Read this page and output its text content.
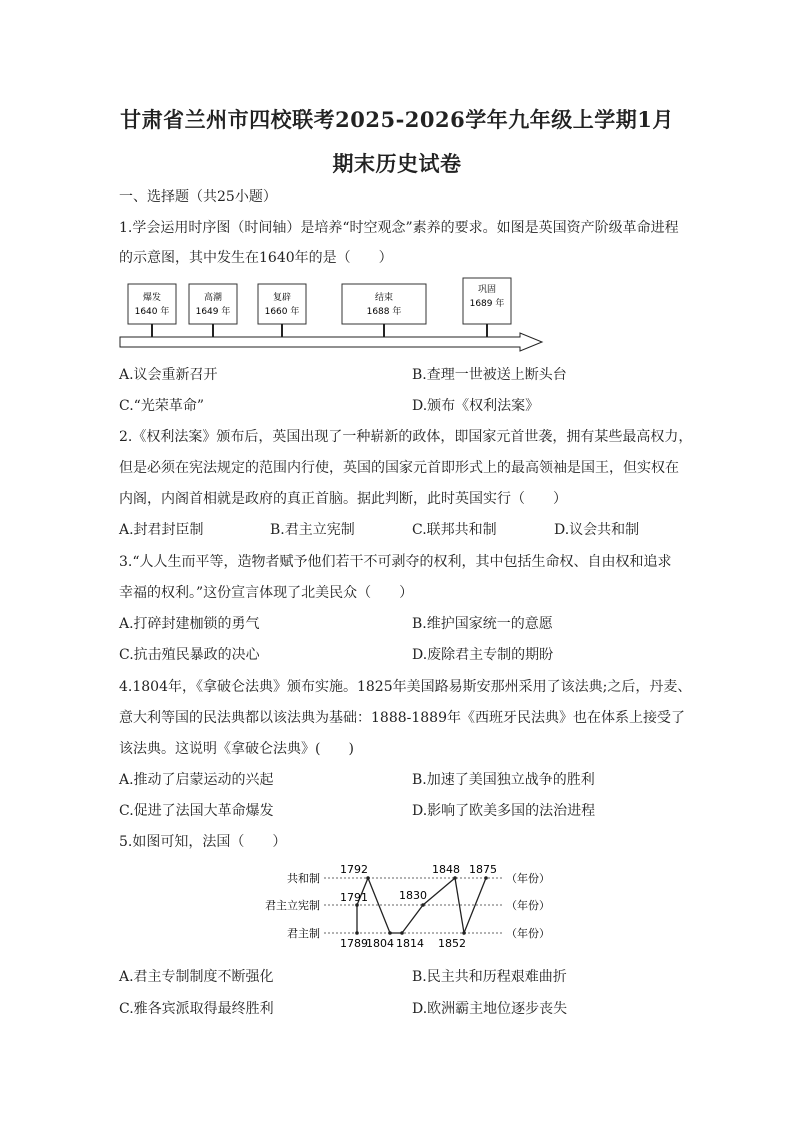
甘肃省兰州市四校联考2025-2026学年九年级上学期1月
期末历史试卷
一、选择题（共25小题）
1.学会运用时序图（时间轴）是培养“时空观念”素养的要求。如图是英国资产阶级革命进程
的示意图，其中发生在1640年的是（　　）
爆发
1640 年
高潮
1649 年
复辟
1660 年
结束
1688 年
巩固
1689 年
A.议会重新召开	B.查理一世被送上断头台
C.“光荣革命”	D.颁布《权利法案》
2.《权利法案》颁布后，英国出现了一种崭新的政体，即国家元首世袭，拥有某些最高权力，
但是必须在宪法规定的范围内行使，英国的国家元首即形式上的最高领袖是国王，但实权在
内阁，内阁首相就是政府的真正首脑。据此判断，此时英国实行（　　）
A.封君封臣制	B.君主立宪制	C.联邦共和制	D.议会共和制
3.“人人生而平等，造物者赋予他们若干不可剥夺的权利，其中包括生命权、自由权和追求
幸福的权利。”这份宣言体现了北美民众（　　）
A.打碎封建枷锁的勇气	B.维护国家统一的意愿
C.抗击殖民暴政的决心	D.废除君主专制的期盼
4.1804年，《拿破仑法典》颁布实施。1825年美国路易斯安那州采用了该法典;之后，丹麦、
意大利等国的民法典都以该法典为基础：1888-1889年《西班牙民法典》也在体系上接受了
该法典。这说明《拿破仑法典》(　　)
A.推动了启蒙运动的兴起	B.加速了美国独立战争的胜利
C.促进了法国大革命爆发	D.影响了欧美多国的法治进程
5.如图可知，法国（　　）
共和制	（年份）
君主立宪制	（年份）
君主制	（年份）
1789
1791
1792
1804 1814
1830
1848
1852
1875
A.君主专制制度不断强化	B.民主共和历程艰难曲折
C.雅各宾派取得最终胜利	D.欧洲霸主地位逐步丧失
